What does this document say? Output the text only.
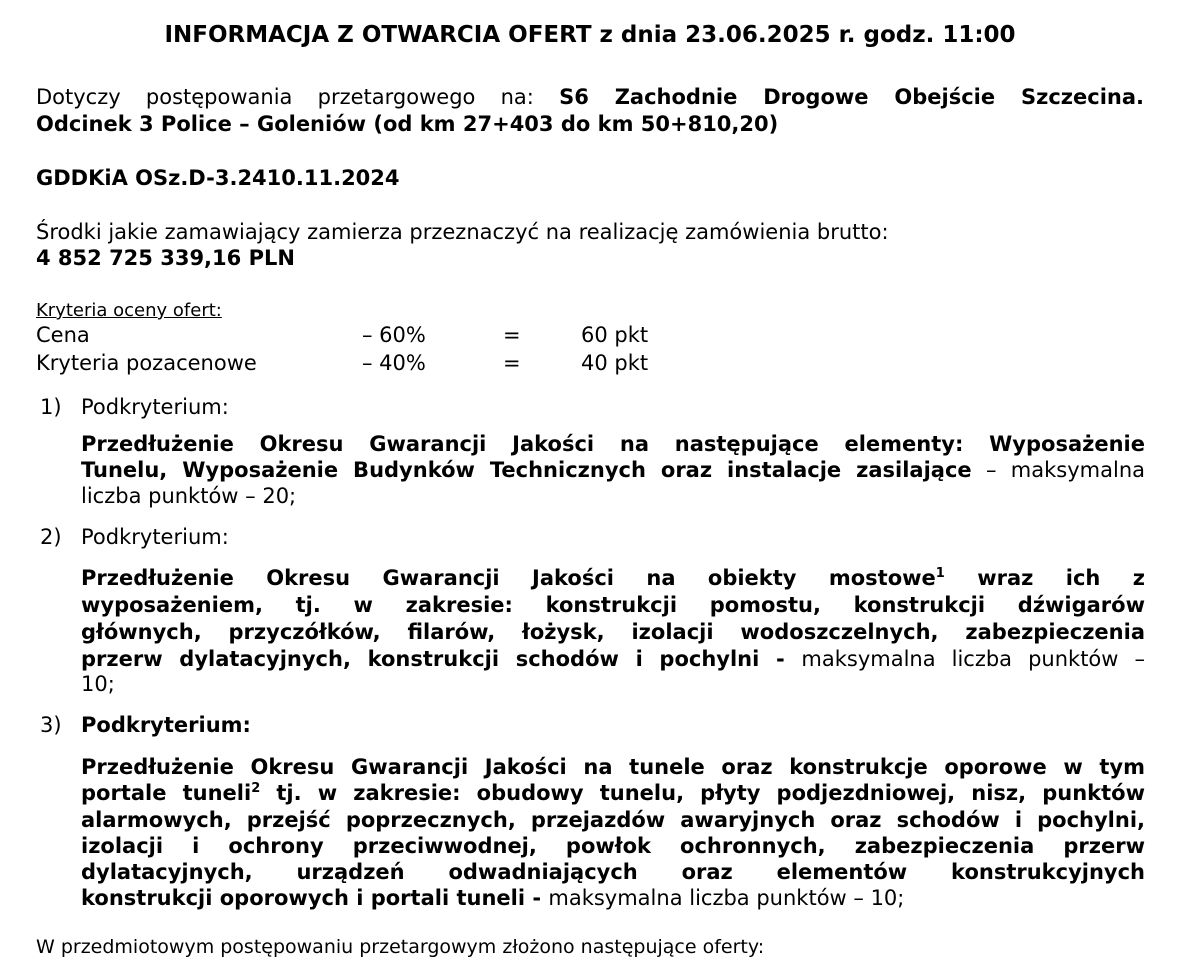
INFORMACJA Z OTWARCIA OFERT z dnia 23.06.2025 r. godz. 11:00
Dotyczy postępowania przetargowego na: S6 Zachodnie Drogowe Obejście Szczecina.
Odcinek 3 Police – Goleniów (od km 27+403 do km 50+810,20)
GDDKiA OSz.D-3.2410.11.2024
Środki jakie zamawiający zamierza przeznaczyć na realizację zamówienia brutto:
4 852 725 339,16 PLN
Kryteria oceny ofert:
Cena	– 60%	=	60 pkt
Kryteria pozacenowe	– 40%	=	40 pkt
1) Podkryterium:
Przedłużenie Okresu Gwarancji Jakości na następujące elementy: Wyposażenie
Tunelu, Wyposażenie Budynków Technicznych oraz instalacje zasilające – maksymalna
liczba punktów – 20;
2) Podkryterium:
Przedłużenie Okresu Gwarancji Jakości na obiekty mostowe$^1$ wraz ich z
wyposażeniem, tj. w zakresie: konstrukcji pomostu, konstrukcji dźwigarów
głównych, przyczółków, filarów, łożysk, izolacji wodoszczelnych, zabezpieczenia
przerw dylatacyjnych, konstrukcji schodów i pochylni - maksymalna liczba punktów –
10;
3) Podkryterium:
Przedłużenie Okresu Gwarancji Jakości na tunele oraz konstrukcje oporowe w tym
portale tuneli$^2$ tj. w zakresie: obudowy tunelu, płyty podjezdniowej, nisz, punktów
alarmowych, przejść poprzecznych, przejazdów awaryjnych oraz schodów i pochylni,
izolacji i ochrony przeciwwodnej, powłok ochronnych, zabezpieczenia przerw
dylatacyjnych, urządzeń odwadniających oraz elementów konstrukcyjnych
konstrukcji oporowych i portali tuneli - maksymalna liczba punktów – 10;
W przedmiotowym postępowaniu przetargowym złożono następujące oferty:
